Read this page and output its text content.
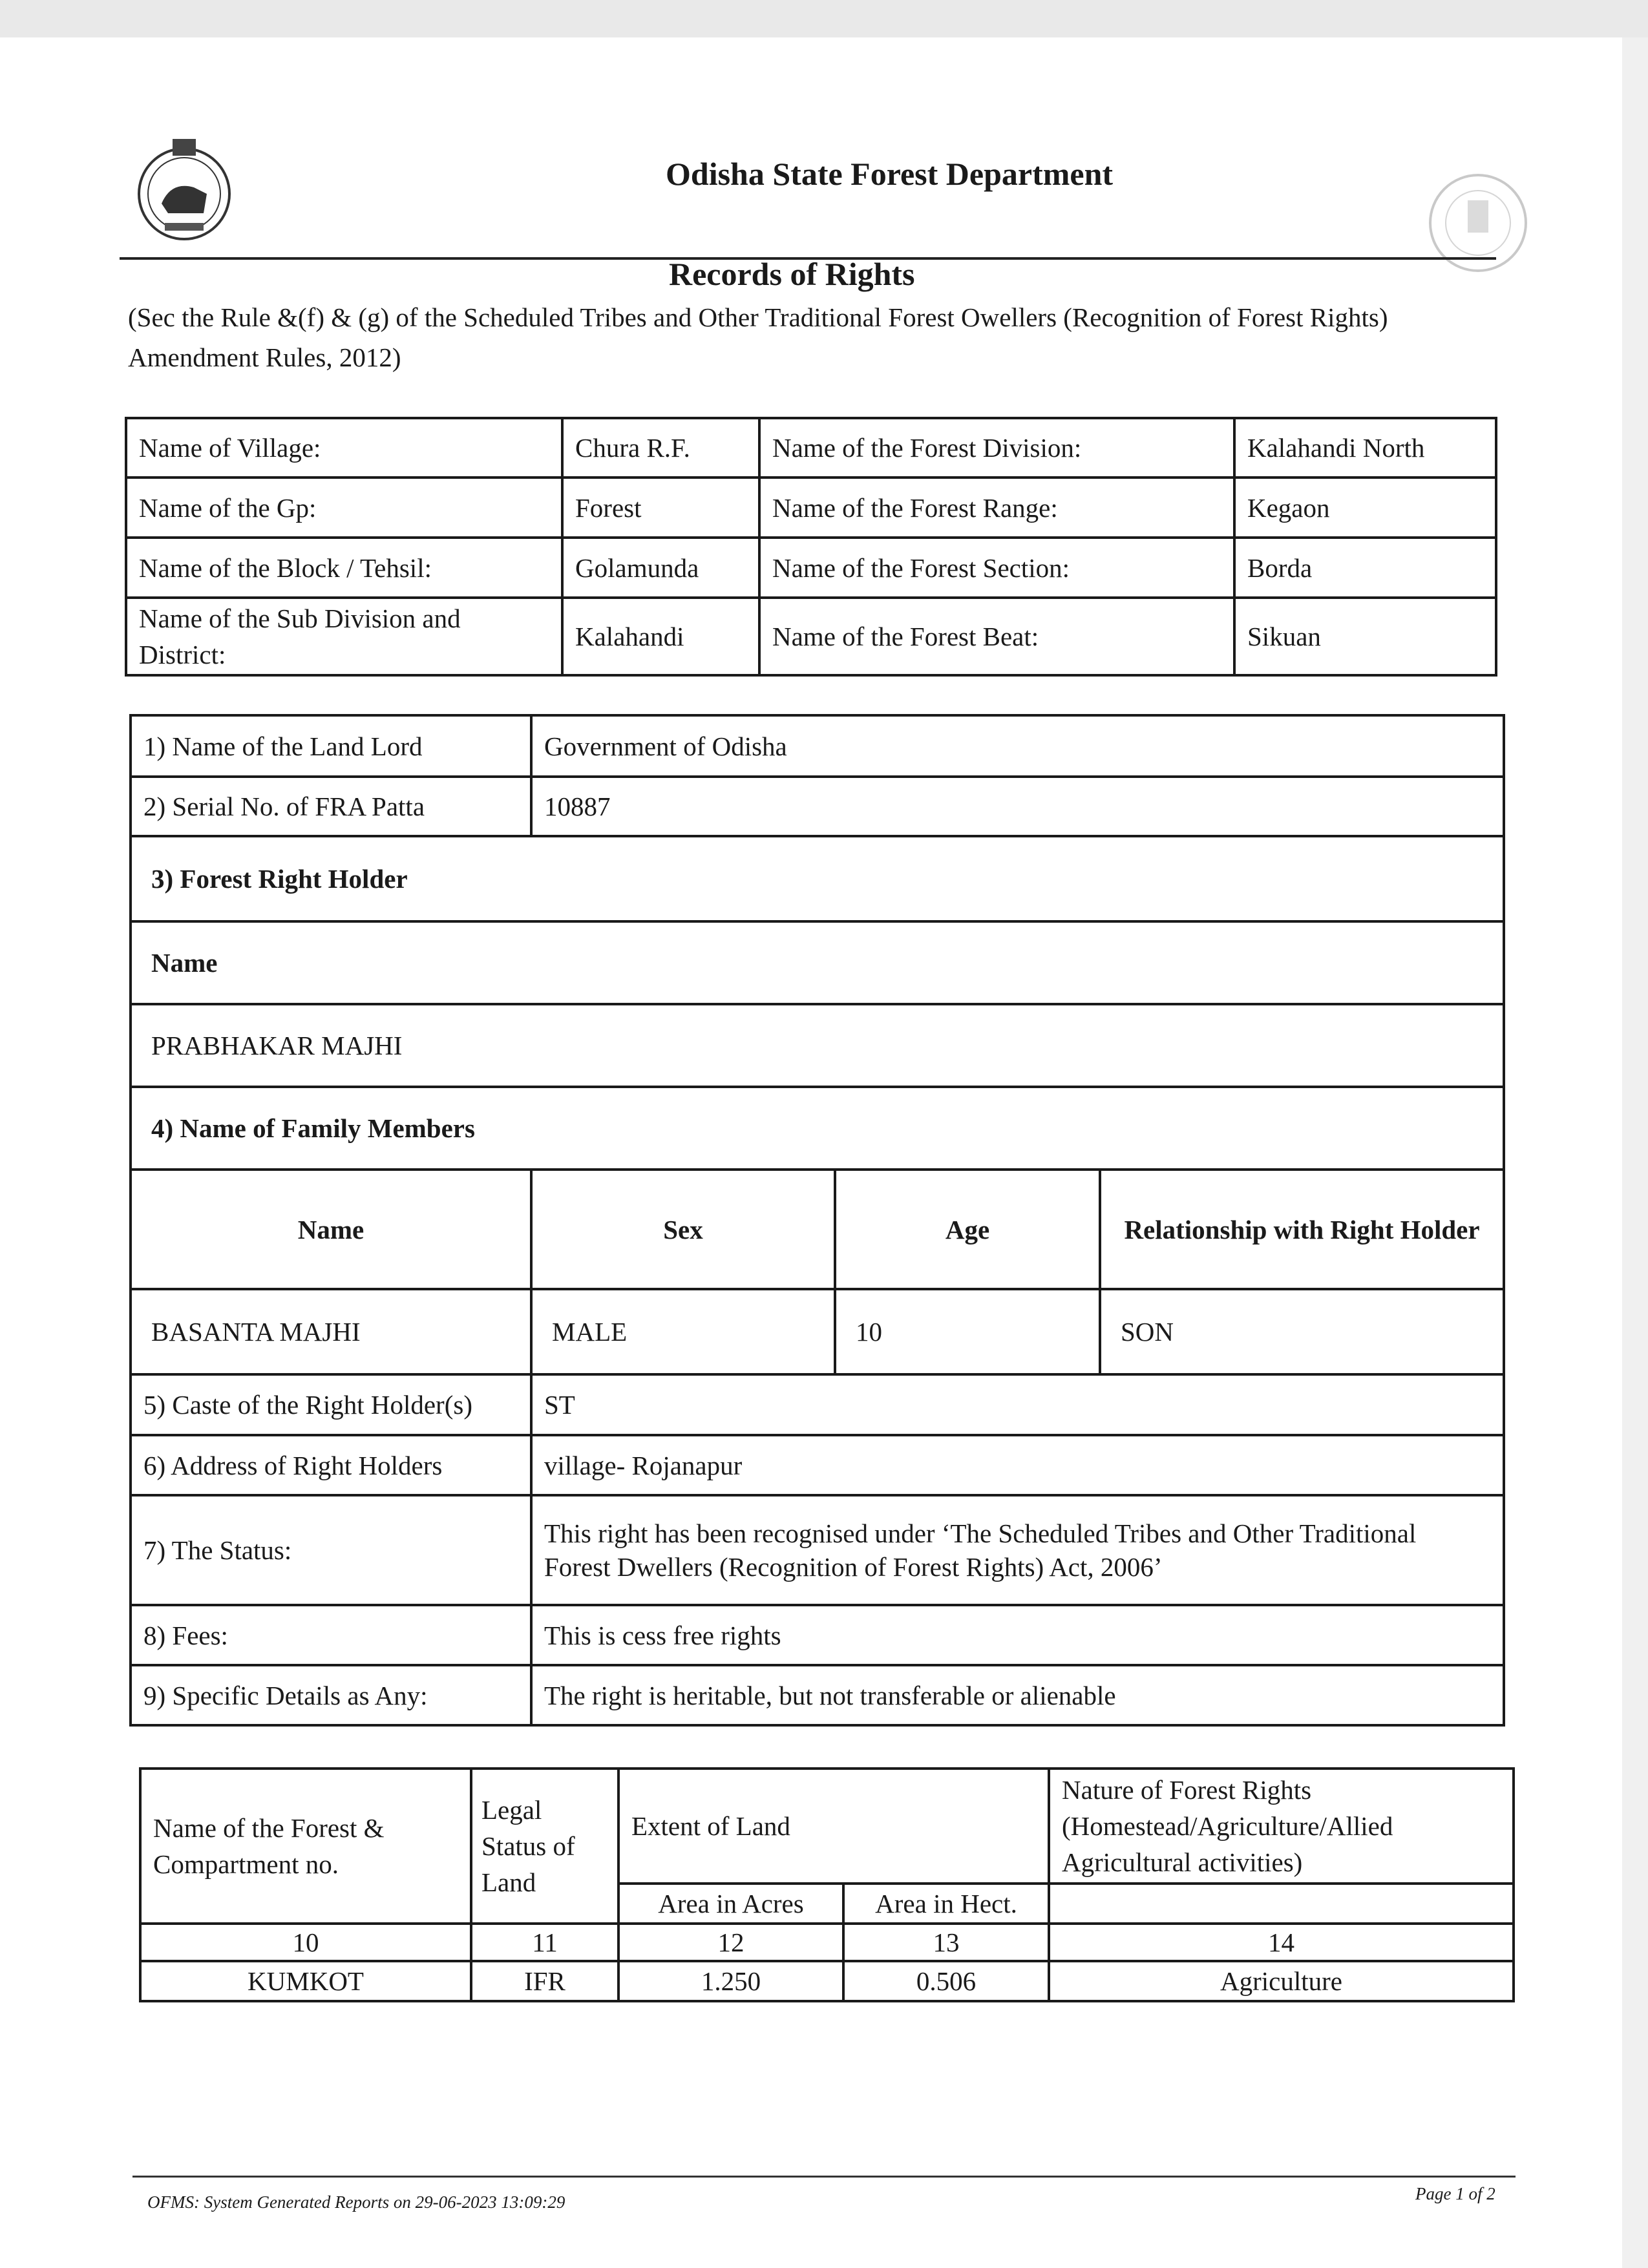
Odisha State Forest Department
Records of Rights
(Sec the Rule &(f) & (g) of the Scheduled Tribes and Other Traditional Forest Owellers (Recognition of Forest Rights) Amendment Rules, 2012)
Name of Village:	Chura R.F.	Name of the Forest Division:	Kalahandi North
Name of the Gp:	Forest	Name of the Forest Range:	Kegaon
Name of the Block / Tehsil:	Golamunda	Name of the Forest Section:	Borda
Name of the Sub Division and District:	Kalahandi	Name of the Forest Beat:	Sikuan
1) Name of the Land Lord	Government of Odisha		
2) Serial No. of FRA Patta	10887		
3) Forest Right Holder			
Name			
PRABHAKAR MAJHI			
4) Name of Family Members			
Name	Sex	Age	Relationship with Right Holder
BASANTA MAJHI	MALE	10	SON
5) Caste of the Right Holder(s)	ST		
6) Address of Right Holders	village- Rojanapur		
7) The Status:	This right has been recognised under ‘The Scheduled Tribes and Other Traditional
Forest Dwellers (Recognition of Forest Rights) Act, 2006’		

8) Fees:	This is cess free rights		
9) Specific Details as Any:	The right is heritable, but not transferable or alienable		
Name of the Forest & Compartment no.	Legal Status of Land	Extent of Land		Nature of Forest Rights (Homestead/Agriculture/Allied Agricultural activities)
		Area in Acres	Area in Hect.	
10	11	12	13	14
KUMKOT	IFR	1.250	0.506	Agriculture
OFMS: System Generated Reports on 29-06-2023 13:09:29	Page 1 of 2
